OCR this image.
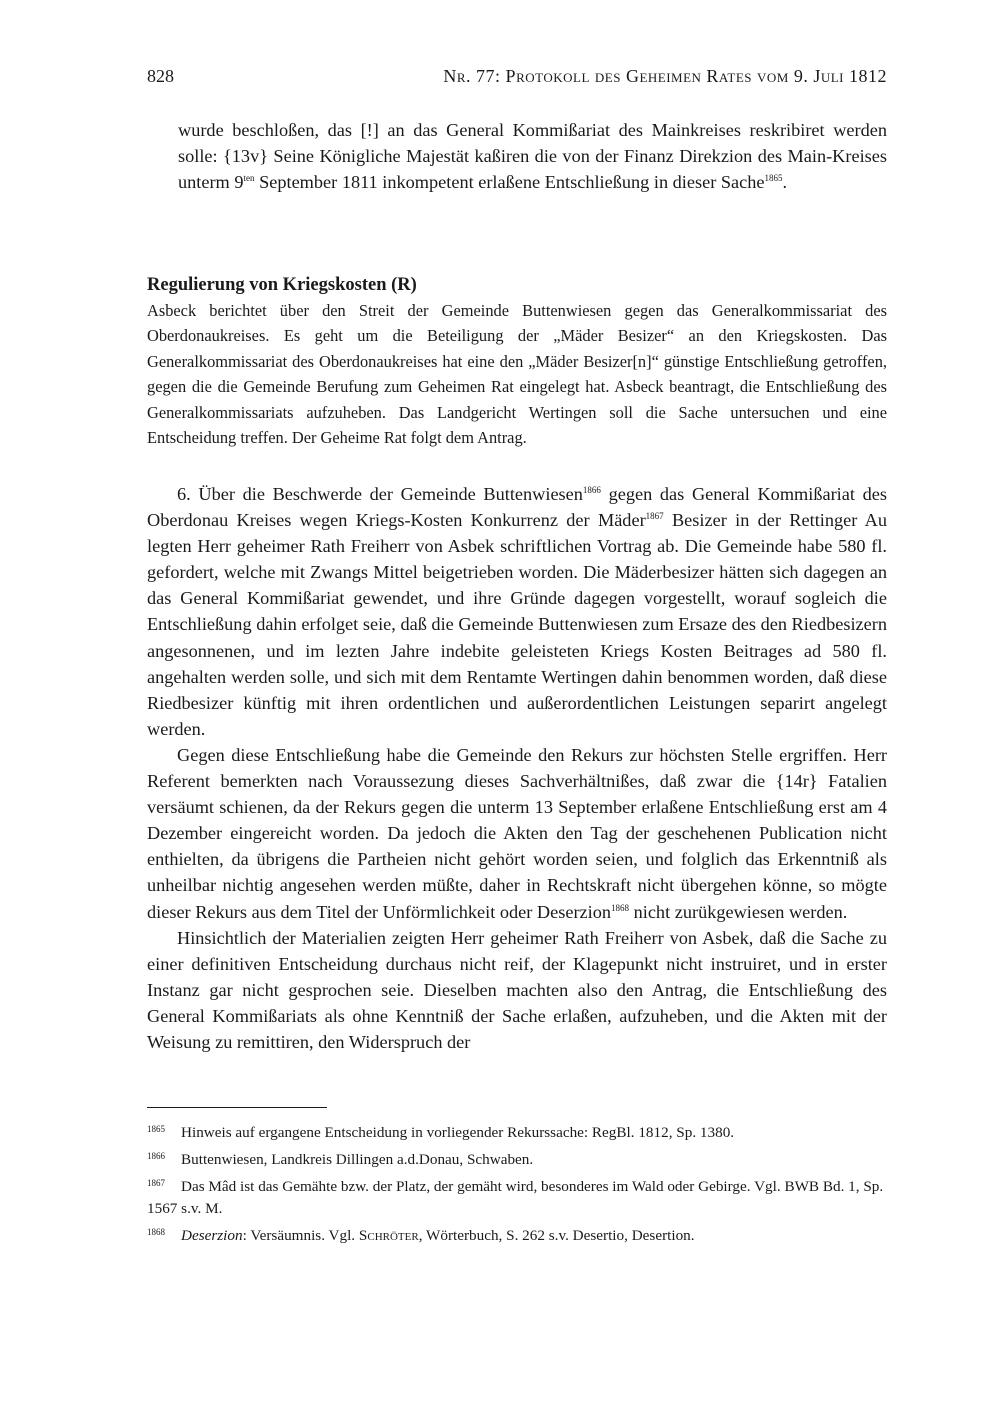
828	Nr. 77: Protokoll des Geheimen Rates vom 9. Juli 1812

wurde beschloßen, das [!] an das General Kommißariat des Mainkreises reskribiret werden solle: {13v} Seine Königliche Majestät kaßiren die von der Finanz Direkzion des Main-Kreises unterm $9^{ten}$ September 1811 inkompetent erlaßene Entschließung in dieser Sache$^{1865}$.

Regulierung von Kriegskosten (R)
Asbeck berichtet über den Streit der Gemeinde Buttenwiesen gegen das Generalkommissariat des Oberdonaukreises. Es geht um die Beteiligung der „Mäder Besizer“ an den Kriegskosten. Das Generalkommissariat des Oberdonaukreises hat eine den „Mäder Besizer[n]“ günstige Entschließung getroffen, gegen die die Gemeinde Berufung zum Geheimen Rat eingelegt hat. Asbeck beantragt, die Entschließung des Generalkommissariats aufzuheben. Das Landgericht Wertingen soll die Sache untersuchen und eine Entscheidung treffen. Der Geheime Rat folgt dem Antrag.

6. Über die Beschwerde der Gemeinde Buttenwiesen$^{1866}$ gegen das General Kommißariat des Oberdonau Kreises wegen Kriegs-Kosten Konkurrenz der Mäder$^{1867}$ Besizer in der Rettinger Au legten Herr geheimer Rath Freiherr von Asbek schriftlichen Vortrag ab. Die Gemeinde habe 580 fl. gefordert, welche mit Zwangs Mittel beigetrieben worden. Die Mäderbesizer hätten sich dagegen an das General Kommißariat gewendet, und ihre Gründe dagegen vorgestellt, worauf sogleich die Entschließung dahin erfolget seie, daß die Gemeinde Buttenwiesen zum Ersaze des den Riedbesizern angesonnenen, und im lezten Jahre indebite geleisteten Kriegs Kosten Beitrages ad 580 fl. angehalten werden solle, und sich mit dem Rentamte Wertingen dahin benommen worden, daß diese Riedbesizer künftig mit ihren ordentlichen und außerordentlichen Leistungen separirt angelegt werden.

Gegen diese Entschließung habe die Gemeinde den Rekurs zur höchsten Stelle ergriffen. Herr Referent bemerkten nach Voraussezung dieses Sachverhältnißes, daß zwar die {14r} Fatalien versäumt schienen, da der Rekurs gegen die unterm 13 September erlaßene Entschließung erst am 4 Dezember eingereicht worden. Da jedoch die Akten den Tag der geschehenen Publication nicht enthielten, da übrigens die Partheien nicht gehört worden seien, und folglich das Erkenntniß als unheilbar nichtig angesehen werden müßte, daher in Rechtskraft nicht übergehen könne, so mögte dieser Rekurs aus dem Titel der Unförmlichkeit oder Deserzion$^{1868}$ nicht zurükgewiesen werden.

Hinsichtlich der Materialien zeigten Herr geheimer Rath Freiherr von Asbek, daß die Sache zu einer definitiven Entscheidung durchaus nicht reif, der Klagepunkt nicht instruiret, und in erster Instanz gar nicht gesprochen seie. Dieselben machten also den Antrag, die Entschließung des General Kommißariats als ohne Kenntniß der Sache erlaßen, aufzuheben, und die Akten mit der Weisung zu remittiren, den Widerspruch der

1865 Hinweis auf ergangene Entscheidung in vorliegender Rekurssache: RegBl. 1812, Sp. 1380.
1866 Buttenwiesen, Landkreis Dillingen a.d.Donau, Schwaben.
1867 Das Mâd ist das Gemähte bzw. der Platz, der gemäht wird, besonderes im Wald oder Gebirge. Vgl. BWB Bd. 1, Sp. 1567 s.v. M.
1868 Deserzion: Versäumnis. Vgl. Schröter, Wörterbuch, S. 262 s.v. Desertio, Desertion.
